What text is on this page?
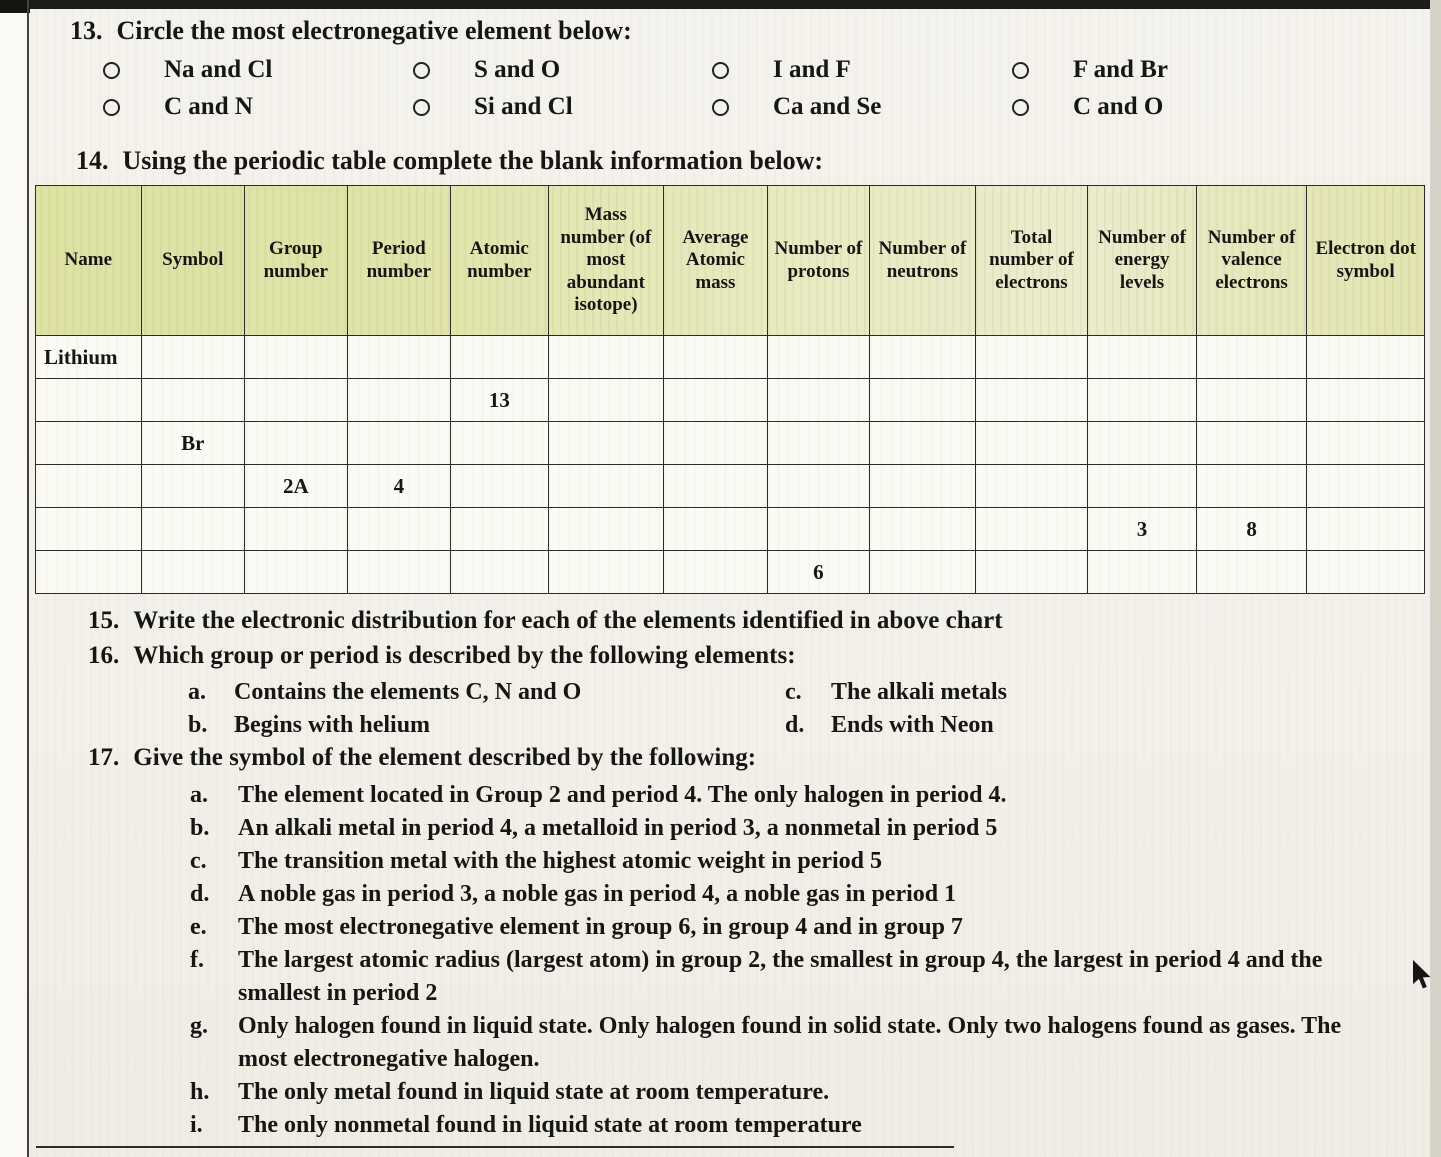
13. Circle the most electronegative element below:
Na and Cl	S and O	I and F	F and Br
C and N	Si and Cl	Ca and Se	C and O
14. Using the periodic table complete the blank information below:
Name	Symbol	Group number	Period number	Atomic number	Mass number (of most abundant isotope)	Average Atomic mass	Number of protons	Number of neutrons	Total number of electrons	Number of energy levels	Number of valence electrons	Electron dot symbol
Lithium												
				13								
	Br											
		2A	4									
										3	8	
							6					
15. Write the electronic distribution for each of the elements identified in above chart
16. Which group or period is described by the following elements:
a.	Contains the elements C, N and O
b.	Begins with helium
c.	The alkali metals
d.	Ends with Neon
17. Give the symbol of the element described by the following:
a.	The element located in Group 2 and period 4. The only halogen in period 4.
b.	An alkali metal in period 4, a metalloid in period 3, a nonmetal in period 5
c.	The transition metal with the highest atomic weight in period 5
d.	A noble gas in period 3, a noble gas in period 4, a noble gas in period 1
e.	The most electronegative element in group 6, in group 4 and in group 7
f.	The largest atomic radius (largest atom) in group 2, the smallest in group 4, the largest in period 4 and the smallest in period 2
g.	Only halogen found in liquid state. Only halogen found in solid state. Only two halogens found as gases. The most electronegative halogen.
h.	The only metal found in liquid state at room temperature.
i.	The only nonmetal found in liquid state at room temperature
